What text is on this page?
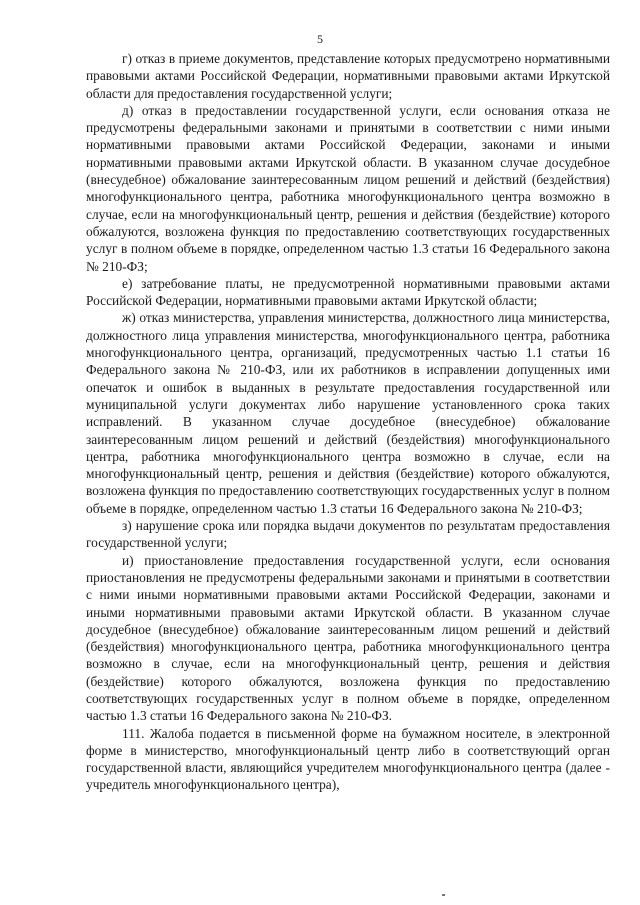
5

г) отказ в приеме документов, представление которых предусмотрено нормативными правовыми актами Российской Федерации, нормативными правовыми актами Иркутской области для предоставления государственной услуги;

д) отказ в предоставлении государственной услуги, если основания отказа не предусмотрены федеральными законами и принятыми в соответствии с ними иными нормативными правовыми актами Российской Федерации, законами и иными нормативными правовыми актами Иркутской области. В указанном случае досудебное (внесудебное) обжалование заинтересованным лицом решений и действий (бездействия) многофункционального центра, работника многофункционального центра возможно в случае, если на многофункциональный центр, решения и действия (бездействие) которого обжалуются, возложена функция по предоставлению соответствующих государственных услуг в полном объеме в порядке, определенном частью 1.3 статьи 16 Федерального закона № 210-ФЗ;

е) затребование платы, не предусмотренной нормативными правовыми актами Российской Федерации, нормативными правовыми актами Иркутской области;

ж) отказ министерства, управления министерства, должностного лица министерства, должностного лица управления министерства, многофункционального центра, работника многофункционального центра, организаций, предусмотренных частью 1.1 статьи 16 Федерального закона № 210-ФЗ, или их работников в исправлении допущенных ими опечаток и ошибок в выданных в результате предоставления государственной или муниципальной услуги документах либо нарушение установленного срока таких исправлений. В указанном случае досудебное (внесудебное) обжалование заинтересованным лицом решений и действий (бездействия) многофункционального центра, работника многофункционального центра возможно в случае, если на многофункциональный центр, решения и действия (бездействие) которого обжалуются, возложена функция по предоставлению соответствующих государственных услуг в полном объеме в порядке, определенном частью 1.3 статьи 16 Федерального закона № 210-ФЗ;

з) нарушение срока или порядка выдачи документов по результатам предоставления государственной услуги;

и) приостановление предоставления государственной услуги, если основания приостановления не предусмотрены федеральными законами и принятыми в соответствии с ними иными нормативными правовыми актами Российской Федерации, законами и иными нормативными правовыми актами Иркутской области. В указанном случае досудебное (внесудебное) обжалование заинтересованным лицом решений и действий (бездействия) многофункционального центра, работника многофункционального центра возможно в случае, если на многофункциональный центр, решения и действия (бездействие) которого обжалуются, возложена функция по предоставлению соответствующих государственных услуг в полном объеме в порядке, определенном частью 1.3 статьи 16 Федерального закона № 210-ФЗ.

111. Жалоба подается в письменной форме на бумажном носителе, в электронной форме в министерство, многофункциональный центр либо в соответствующий орган государственной власти, являющийся учредителем многофункционального центра (далее - учредитель многофункционального центра),
